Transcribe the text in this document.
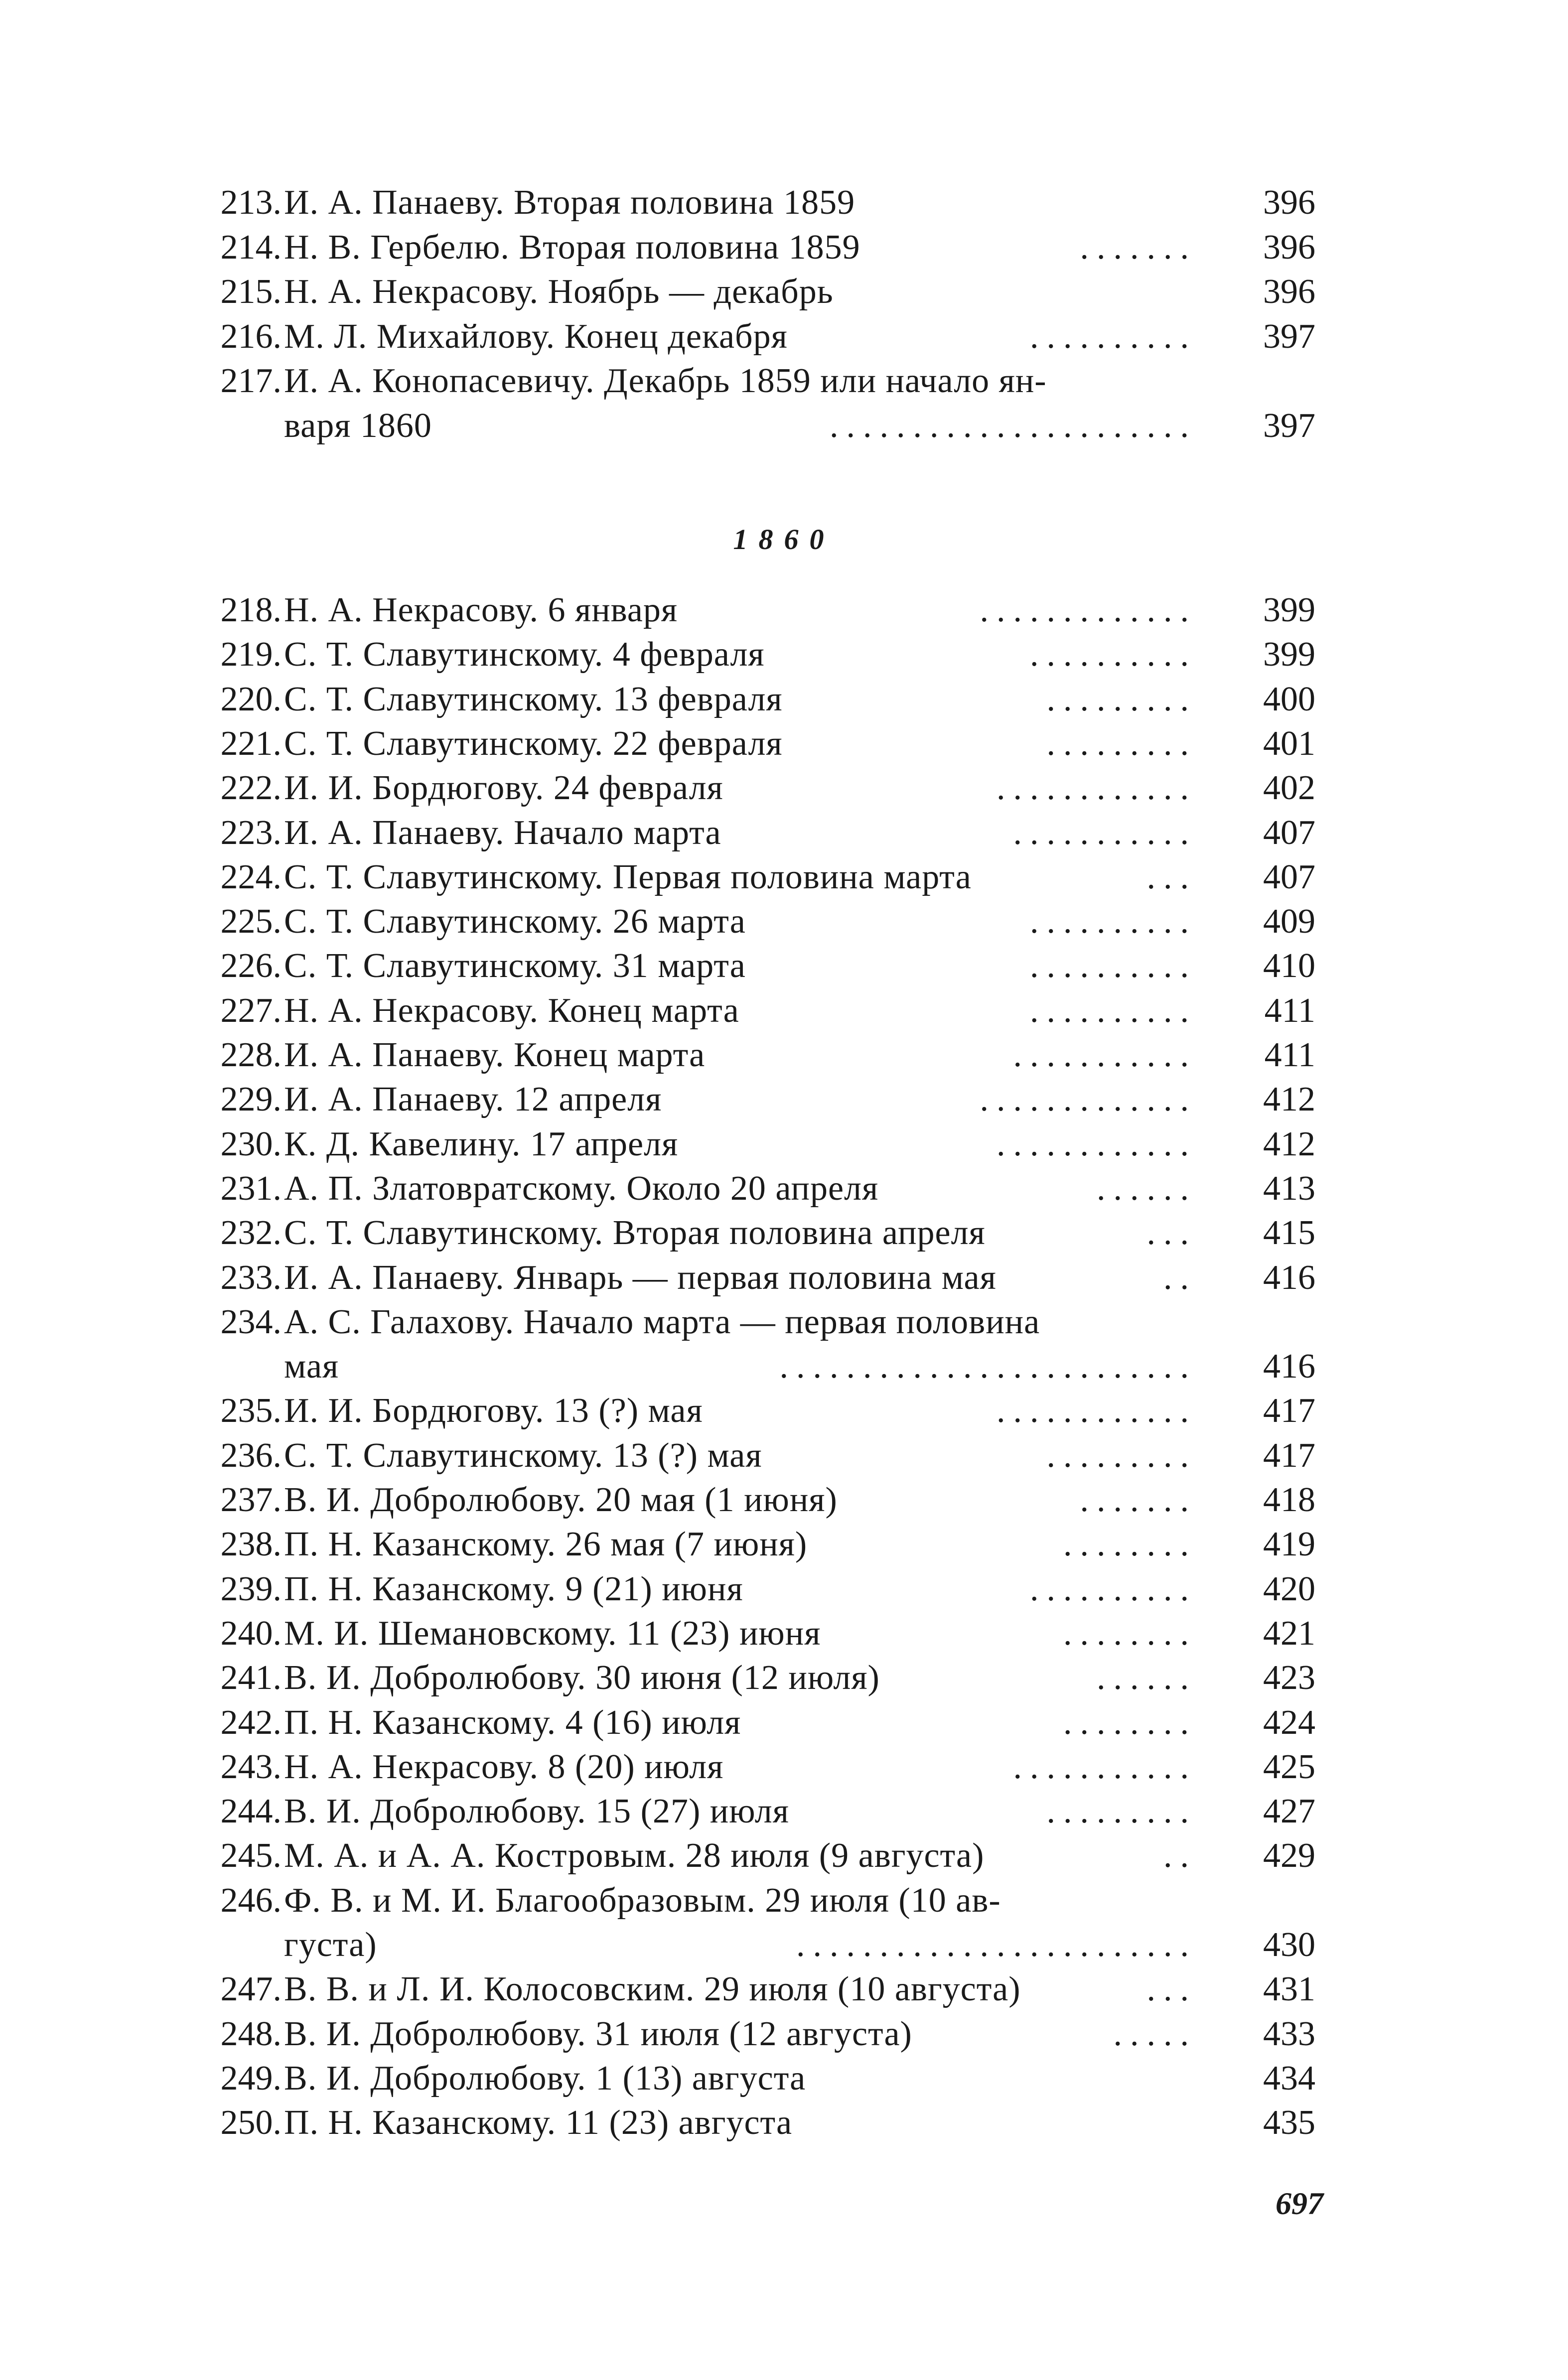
213. И. А. Панаеву. Вторая половина 1859	396
214. Н. В. Гербелю. Вторая половина 1859	....... 396
215. Н. А. Некрасову. Ноябрь — декабрь	396
216. М. Л. Михайлову. Конец декабря	.......... 397
217. И. А. Конопасевичу. Декабрь 1859 или начало ян-
варя 1860	...................... 397
1860
218. Н. А. Некрасову. 6 января	............. 399
219. С. Т. Славутинскому. 4 февраля	.......... 399
220. С. Т. Славутинскому. 13 февраля	......... 400
221. С. Т. Славутинскому. 22 февраля	......... 401
222. И. И. Бордюгову. 24 февраля	............ 402
223. И. А. Панаеву. Начало марта	........... 407
224. С. Т. Славутинскому. Первая половина марта	... 407
225. С. Т. Славутинскому. 26 марта	.......... 409
226. С. Т. Славутинскому. 31 марта	.......... 410
227. Н. А. Некрасову. Конец марта	.......... 411
228. И. А. Панаеву. Конец марта	........... 411
229. И. А. Панаеву. 12 апреля	............. 412
230. К. Д. Кавелину. 17 апреля	............ 412
231. А. П. Златовратскому. Около 20 апреля	...... 413
232. С. Т. Славутинскому. Вторая половина апреля	... 415
233. И. А. Панаеву. Январь — первая половина мая	.. 416
234. А. С. Галахову. Начало марта — первая половина
мая	......................... 416
235. И. И. Бордюгову. 13 (?) мая	............ 417
236. С. Т. Славутинскому. 13 (?) мая	......... 417
237. В. И. Добролюбову. 20 мая (1 июня)	....... 418
238. П. Н. Казанскому. 26 мая (7 июня)	........ 419
239. П. Н. Казанскому. 9 (21) июня	.......... 420
240. М. И. Шемановскому. 11 (23) июня	........ 421
241. В. И. Добролюбову. 30 июня (12 июля)	...... 423
242. П. Н. Казанскому. 4 (16) июля	........ 424
243. Н. А. Некрасову. 8 (20) июля	........... 425
244. В. И. Добролюбову. 15 (27) июля	......... 427
245. М. А. и А. А. Костровым. 28 июля (9 августа)	.. 429
246. Ф. В. и М. И. Благообразовым. 29 июля (10 ав-
густа)	........................ 430
247. В. В. и Л. И. Колосовским. 29 июля (10 августа)	... 431
248. В. И. Добролюбову. 31 июля (12 августа)	..... 433
249. В. И. Добролюбову. 1 (13) августа	434
250. П. Н. Казанскому. 11 (23) августа	435
697
